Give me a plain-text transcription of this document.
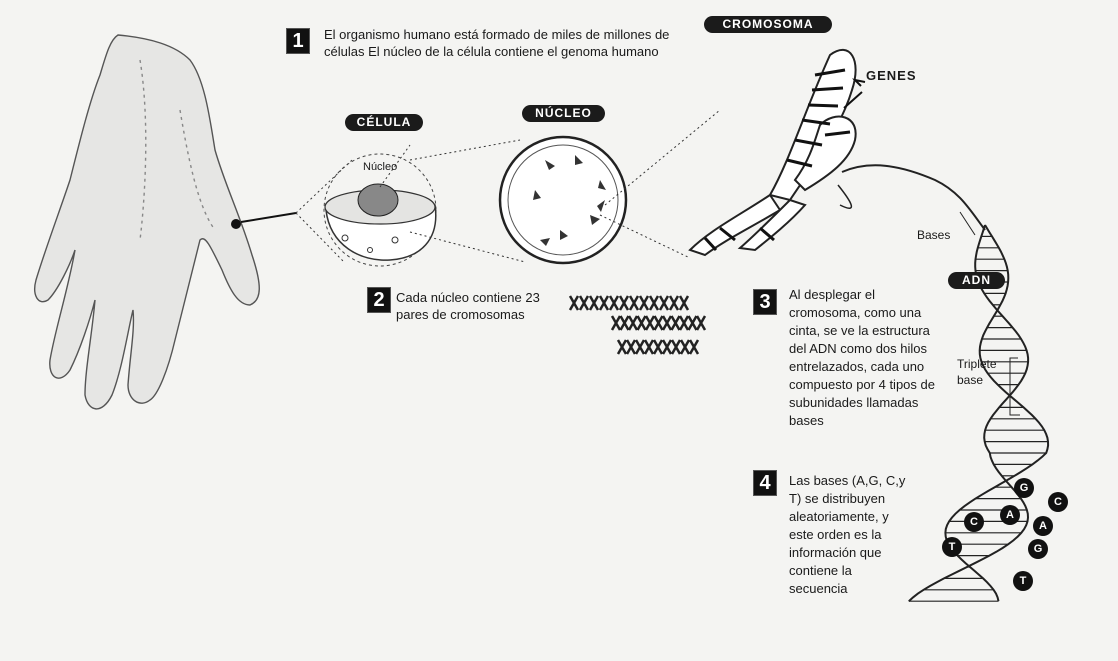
1	El organismo humano está formado de miles de millones de células El núcleo de la célula contiene el genoma humano
CÉLULA
NÚCLEO
CROMOSOMA
ADN
Núcleo
GENES
Bases
Triplete base
2 Cada núcleo contiene 23 pares de cromosomas
3	Al desplegar el cromosoma, como una cinta, se ve la estructura del ADN como dos hilos entrelazados, cada uno compuesto por 4 tipos de subunidades llamadas bases
4	Las bases (A,G, C,y T) se distribuyen aleatoriamente, y este orden es la información que contiene la secuencia
G
C
C
A
T
A
G
T
